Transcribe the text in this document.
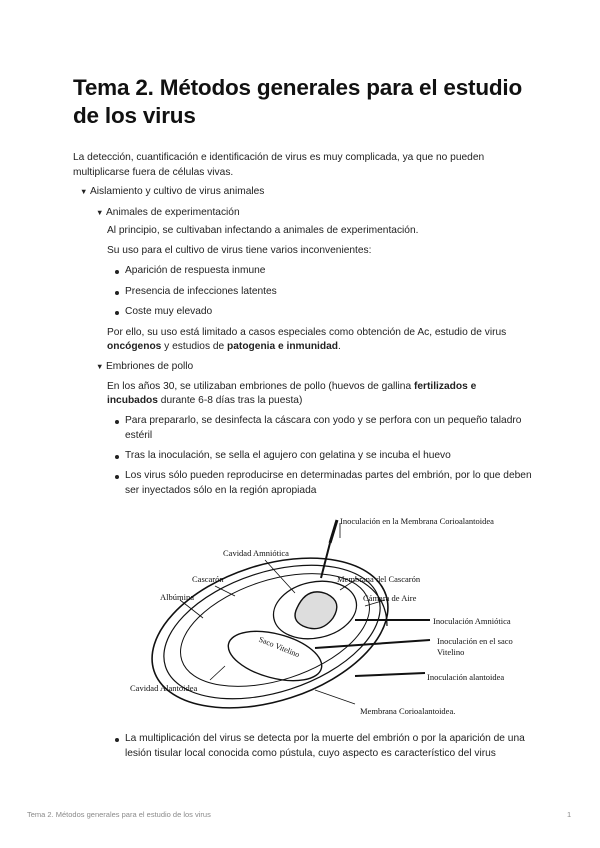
Tema 2. Métodos generales para el estudio de los virus

La detección, cuantificación e identificación de virus es muy complicada, ya que no pueden multiplicarse fuera de células vivas.

▼ Aislamiento y cultivo de virus animales

▼ Animales de experimentación

Al principio, se cultivaban infectando a animales de experimentación.

Su uso para el cultivo de virus tiene varios inconvenientes:

Aparición de respuesta inmune

Presencia de infecciones latentes

Coste muy elevado

Por ello, su uso está limitado a casos especiales como obtención de Ac, estudio de virus

oncógenos y estudios de patogenia e inmunidad.

▼ Embriones de pollo

En los años 30, se utilizaban embriones de pollo (huevos de gallina fertilizados e

incubados durante 6-8 días tras la puesta)

Para prepararlo, se desinfecta la cáscara con yodo y se perfora con un pequeño taladro estéril

Tras la inoculación, se sella el agujero con gelatina y se incuba el huevo

Los virus sólo pueden reproducirse en determinadas partes del embrión, por lo que deben ser inyectados sólo en la región apropiada

Inoculación en la Membrana Corioalantoidea
Cavidad Amniótica
Cascarón	Membrana del Cascarón
Albúmina	Cámara de Aire
Inoculación Amniótica
Saco Vitelino	Inoculación en el saco
Vitelino
Cavidad Alantoidea
Inoculación alantoidea
Membrana Corioalantoidea.

La multiplicación del virus se detecta por la muerte del embrión o por la aparición de una lesión tisular local conocida como pústula, cuyo aspecto es característico del virus

Tema 2. Métodos generales para el estudio de los virus	1
